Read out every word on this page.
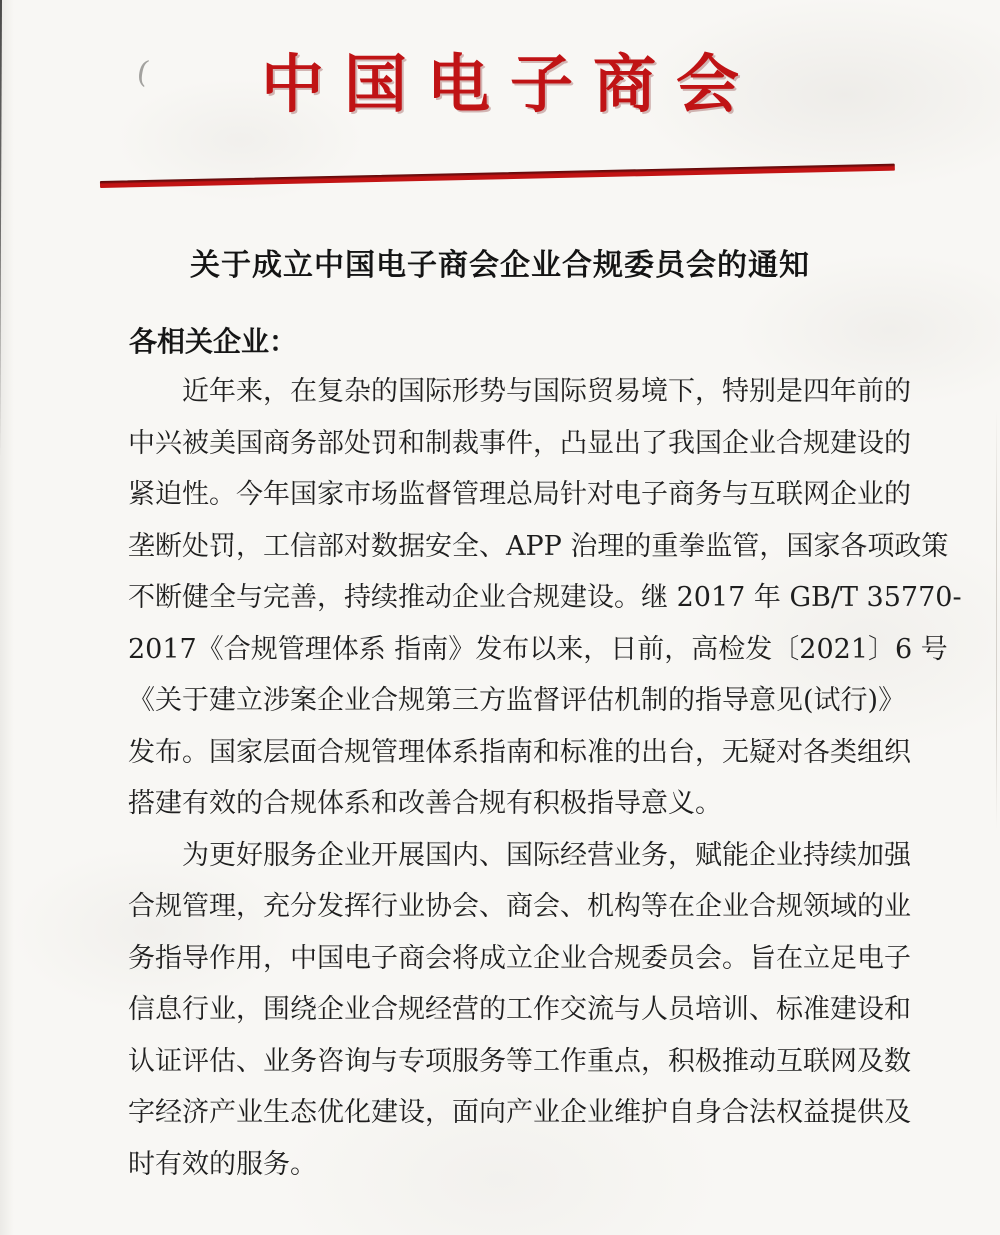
(	中国电子商会
关于成立中国电子商会企业合规委员会的通知
各相关企业：
近年来，在复杂的国际形势与国际贸易境下，特别是四年前的
中兴被美国商务部处罚和制裁事件，凸显出了我国企业合规建设的
紧迫性。今年国家市场监督管理总局针对电子商务与互联网企业的
垄断处罚，工信部对数据安全、APP 治理的重拳监管，国家各项政策
不断健全与完善，持续推动企业合规建设。继 2017 年 GB/T 35770-
2017《合规管理体系 指南》发布以来，日前，高检发〔2021〕6 号
《关于建立涉案企业合规第三方监督评估机制的指导意见(试行)》
发布。国家层面合规管理体系指南和标准的出台，无疑对各类组织
搭建有效的合规体系和改善合规有积极指导意义。
为更好服务企业开展国内、国际经营业务，赋能企业持续加强
合规管理，充分发挥行业协会、商会、机构等在企业合规领域的业
务指导作用，中国电子商会将成立企业合规委员会。旨在立足电子
信息行业，围绕企业合规经营的工作交流与人员培训、标准建设和
认证评估、业务咨询与专项服务等工作重点，积极推动互联网及数
字经济产业生态优化建设，面向产业企业维护自身合法权益提供及
时有效的服务。
